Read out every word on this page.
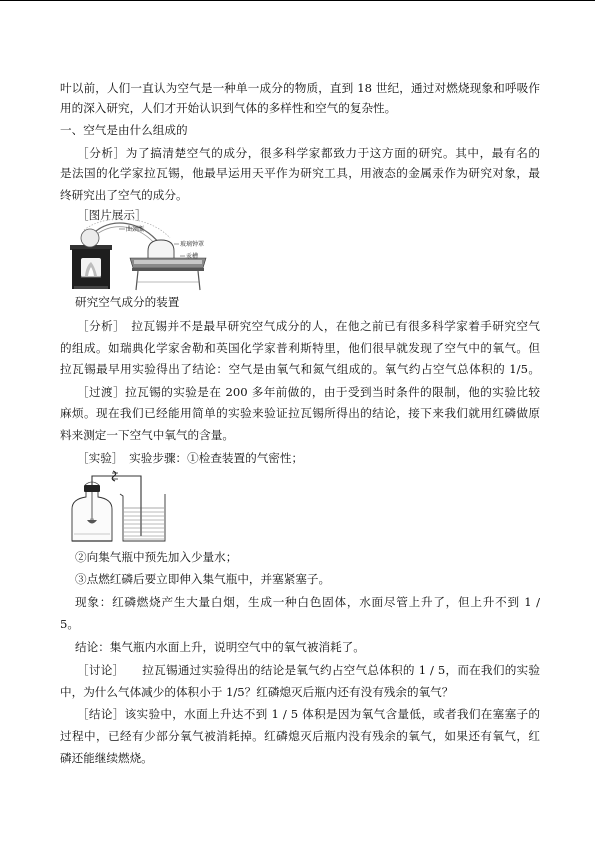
叶以前，人们一直认为空气是一种单一成分的物质，直到 18 世纪，通过对燃烧现象和呼吸作
用的深入研究，人们才开始认识到气体的多样性和空气的复杂性。
一、空气是由什么组成的
［分析］为了搞清楚空气的成分，很多科学家都致力于这方面的研究。其中，最有名的
是法国的化学家拉瓦锡，他最早运用天平作为研究工具，用液态的金属汞作为研究对象，最
终研究出了空气的成分。
［图片展示］
曲颈甑
玻璃钟罩
汞槽
研究空气成分的装置
［分析］　拉瓦锡并不是最早研究空气成分的人，在他之前已有很多科学家着手研究空气
的组成。如瑞典化学家舍勒和英国化学家普利斯特里，他们很早就发现了空气中的氧气。但
拉瓦锡最早用实验得出了结论：空气是由氧气和氮气组成的。氧气约占空气总体积的 1/5。
［过渡］拉瓦锡的实验是在 200 多年前做的，由于受到当时条件的限制，他的实验比较
麻烦。现在我们已经能用简单的实验来验证拉瓦锡所得出的结论，接下来我们就用红磷做原
料来测定一下空气中氧气的含量。
［实验］　实验步骤：①检查装置的气密性；
②向集气瓶中预先加入少量水；
③点燃红磷后要立即伸入集气瓶中，并塞紧塞子。
现象：红磷燃烧产生大量白烟，生成一种白色固体，水面尽管上升了，但上升不到 1 /
5。
结论：集气瓶内水面上升，说明空气中的氧气被消耗了。
［讨论］　　拉瓦锡通过实验得出的结论是氧气约占空气总体积的 1 / 5，而在我们的实验
中，为什么气体减少的体积小于 1/5？红磷熄灭后瓶内还有没有残余的氧气？
［结论］该实验中，水面上升达不到 1 / 5 体积是因为氧气含量低，或者我们在塞塞子的
过程中，已经有少部分氧气被消耗掉。红磷熄灭后瓶内没有残余的氧气，如果还有氧气，红
磷还能继续燃烧。
